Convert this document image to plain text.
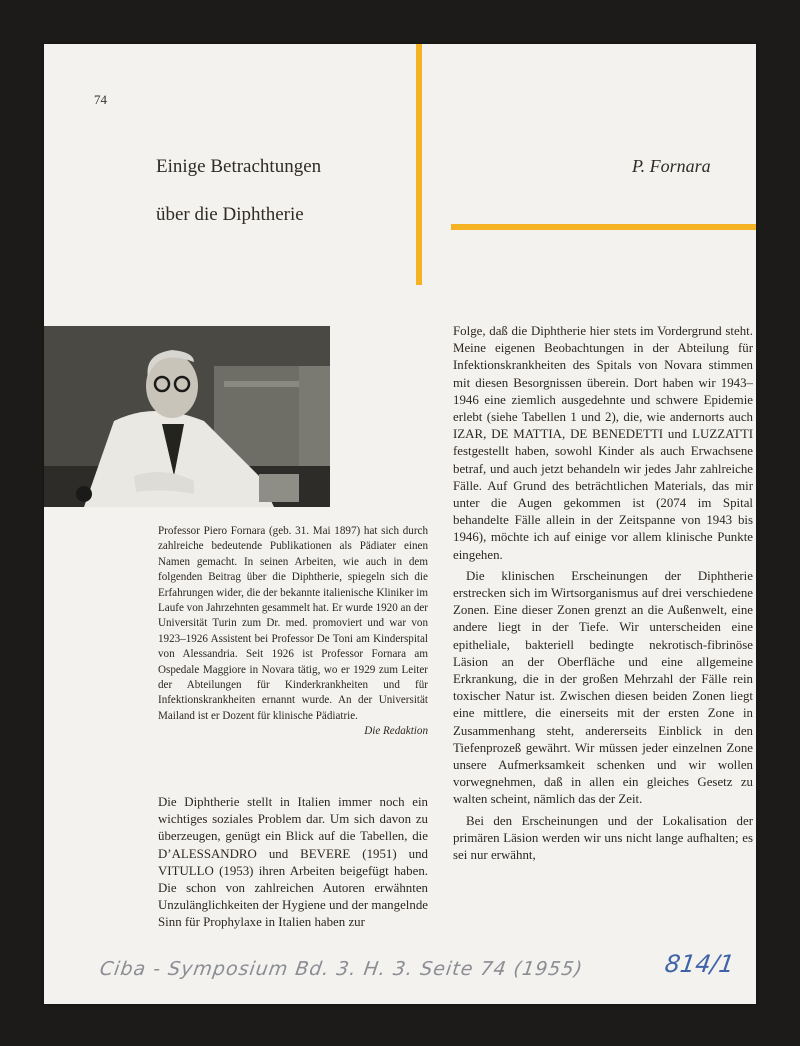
74
Einige Betrachtungen
über die Diphtherie
P. Fornara
Professor Piero Fornara (geb. 31. Mai 1897) hat sich durch zahlreiche bedeutende Publikationen als Pädiater einen Namen gemacht. In seinen Arbeiten, wie auch in dem folgenden Beitrag über die Diphtherie, spiegeln sich die Erfahrungen wider, die der bekannte italienische Kliniker im Laufe von Jahrzehnten gesammelt hat. Er wurde 1920 an der Universität Turin zum Dr. med. promoviert und war von 1923–1926 Assistent bei Professor De Toni am Kinderspital von Alessandria. Seit 1926 ist Professor Fornara am Ospedale Maggiore in Novara tätig, wo er 1929 zum Leiter der Abteilungen für Kinderkrankheiten und für Infektionskrankheiten ernannt wurde. An der Universität Mailand ist er Dozent für klinische Pädiatrie.
Die Redaktion

Die Diphtherie stellt in Italien immer noch ein wichtiges soziales Problem dar. Um sich davon zu überzeugen, genügt ein Blick auf die Tabellen, die D’ALESSANDRO und BEVERE (1951) und VITULLO (1953) ihren Arbeiten beigefügt haben. Die schon von zahlreichen Autoren erwähnten Unzulänglichkeiten der Hygiene und der mangelnde Sinn für Prophylaxe in Italien haben zur

Folge, daß die Diphtherie hier stets im Vordergrund steht. Meine eigenen Beobachtungen in der Abteilung für Infektionskrankheiten des Spitals von Novara stimmen mit diesen Besorgnissen überein. Dort haben wir 1943–1946 eine ziemlich ausgedehnte und schwere Epidemie erlebt (siehe Tabellen 1 und 2), die, wie andernorts auch IZAR, DE MATTIA, DE BENEDETTI und LUZZATTI festgestellt haben, sowohl Kinder als auch Erwachsene betraf, und auch jetzt behandeln wir jedes Jahr zahlreiche Fälle. Auf Grund des beträchtlichen Materials, das mir unter die Augen gekommen ist (2074 im Spital behandelte Fälle allein in der Zeitspanne von 1943 bis 1946), möchte ich auf einige vor allem klinische Punkte eingehen.

Die klinischen Erscheinungen der Diphtherie erstrecken sich im Wirtsorganismus auf drei verschiedene Zonen. Eine dieser Zonen grenzt an die Außenwelt, eine andere liegt in der Tiefe. Wir unterscheiden eine epitheliale, bakteriell bedingte nekrotisch-fibrinöse Läsion an der Oberfläche und eine allgemeine Erkrankung, die in der großen Mehrzahl der Fälle rein toxischer Natur ist. Zwischen diesen beiden Zonen liegt eine mittlere, die einerseits mit der ersten Zone in Zusammenhang steht, andererseits Einblick in den Tiefenprozeß gewährt. Wir müssen jeder einzelnen Zone unsere Aufmerksamkeit schenken und wir wollen vorwegnehmen, daß in allen ein gleiches Gesetz zu walten scheint, nämlich das der Zeit.

Bei den Erscheinungen und der Lokalisation der primären Läsion werden wir uns nicht lange aufhalten; es sei nur erwähnt,

Ciba - Symposium Bd. 3. H. 3. Seite 74 (1955)	814/1
